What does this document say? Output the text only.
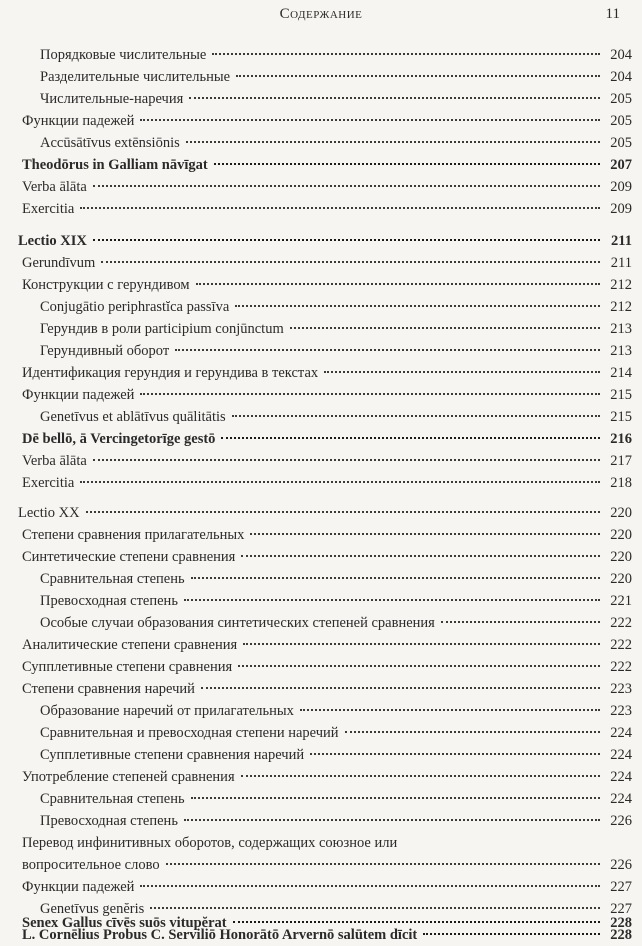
Содержание	11
Порядковые числительные	204
Разделительные числительные	204
Числительные-наречия	205
Функции падежей	205
Accūsātīvus extēnsiōnis	205
Theodōrus in Galliam nāvīgat	207
Verba ālāta	209
Exercitia	209
Lectio XIX	211
Gerundīvum	211
Конструкции с герундивом	212
Conjugātio periphrastĭca passīva	212
Герундив в роли participium conjūnctum	213
Герундивный оборот	213
Идентификация герундия и герундива в текстах	214
Функции падежей	215
Genetīvus et ablātīvus quālitātis	215
Dē bellō, ā Vercingetorīge gestō	216
Verba ālāta	217
Exercitia	218
Lectio XX	220
Степени сравнения прилагательных	220
Синтетические степени сравнения	220
Сравнительная степень	220
Превосходная степень	221
Особые случаи образования синтетических степеней сравнения	222
Аналитические степени сравнения	222
Супплетивные степени сравнения	222
Степени сравнения наречий	223
Образование наречий от прилагательных	223
Сравнительная и превосходная степени наречий	224
Супплетивные степени сравнения наречий	224
Употребление степеней сравнения	224
Сравнительная степень	224
Превосходная степень	226
Перевод инфинитивных оборотов, содержащих союзное или
вопросительное слово	226
Функции падежей	227
Genetīvus genĕris	227
Senex Gallus cīvēs suōs vitupĕrat	228
L. Cornēlius Probus C. Serviliō Honorātō Arvernō salūtem dīcit	228
